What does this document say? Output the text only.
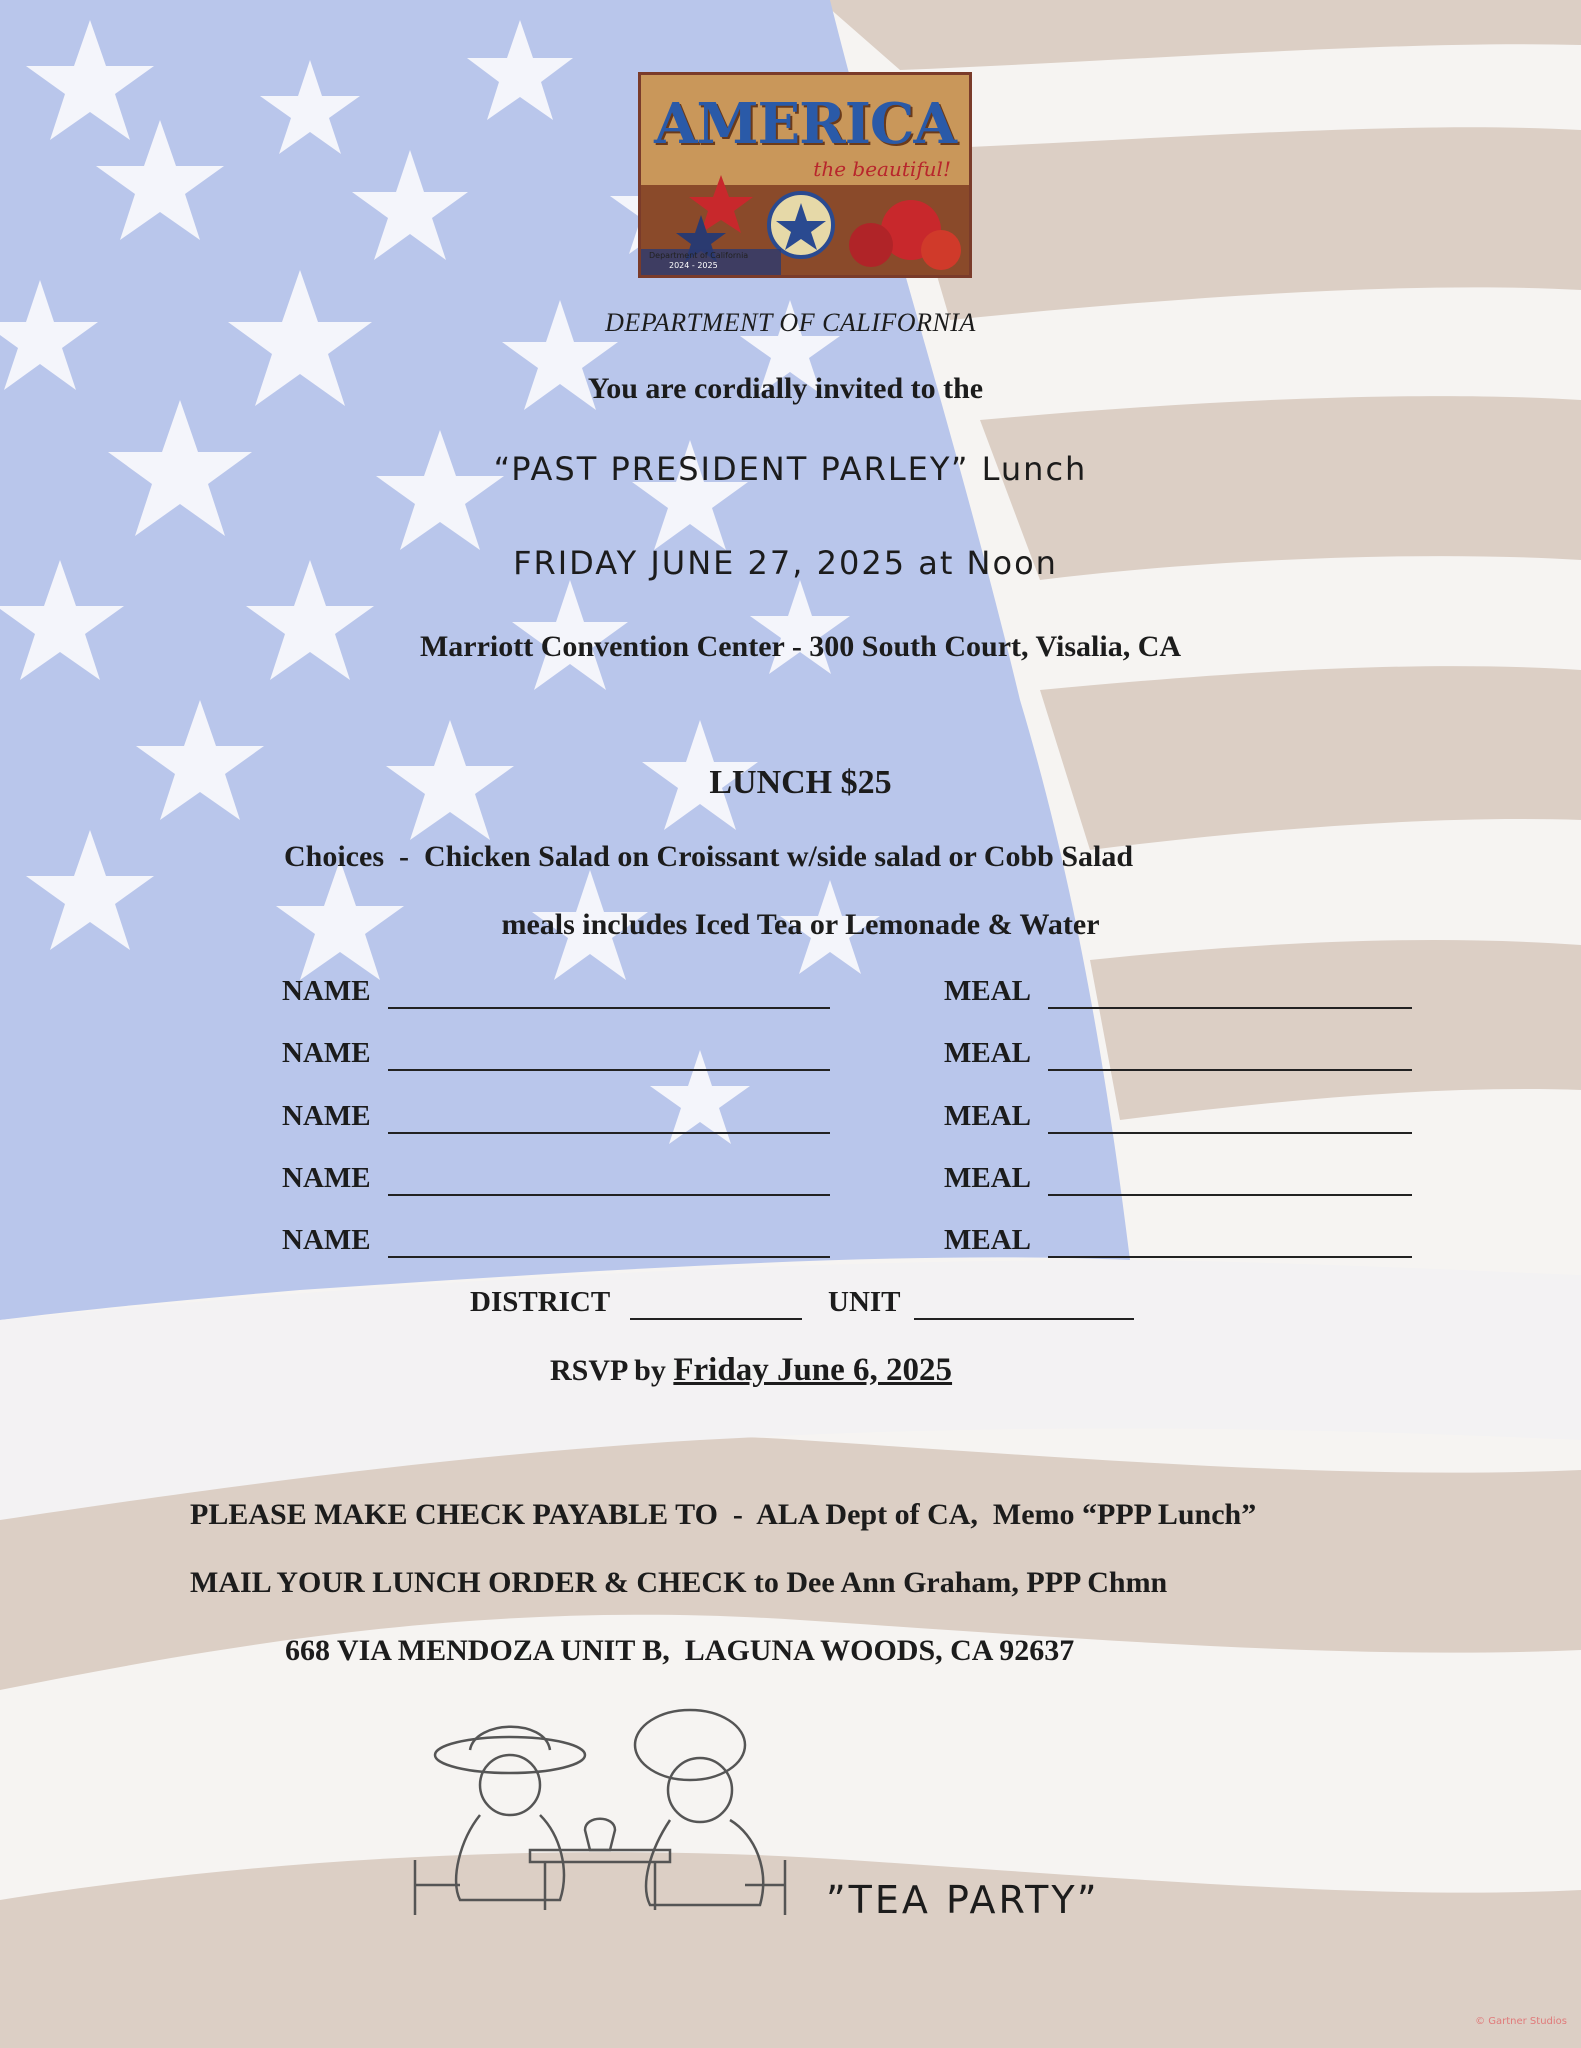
AMERICA
the beautiful!
Department of California
2024 - 2025
DEPARTMENT OF CALIFORNIA
You are cordially invited to the
“PAST PRESIDENT PARLEY” Lunch
FRIDAY JUNE 27, 2025 at Noon
Marriott Convention Center - 300 South Court, Visalia, CA
LUNCH $25
Choices  -  Chicken Salad on Croissant w/side salad or Cobb Salad
meals includes Iced Tea or Lemonade & Water
NAME	MEAL
NAME	MEAL
NAME	MEAL
NAME	MEAL
NAME	MEAL
DISTRICT	UNIT
RSVP by Friday June 6, 2025
PLEASE MAKE CHECK PAYABLE TO  -  ALA Dept of CA,  Memo “PPP Lunch”
MAIL YOUR LUNCH ORDER & CHECK to Dee Ann Graham, PPP Chmn
668 VIA MENDOZA UNIT B,  LAGUNA WOODS, CA 92637
”TEA PARTY”
© Gartner Studios
